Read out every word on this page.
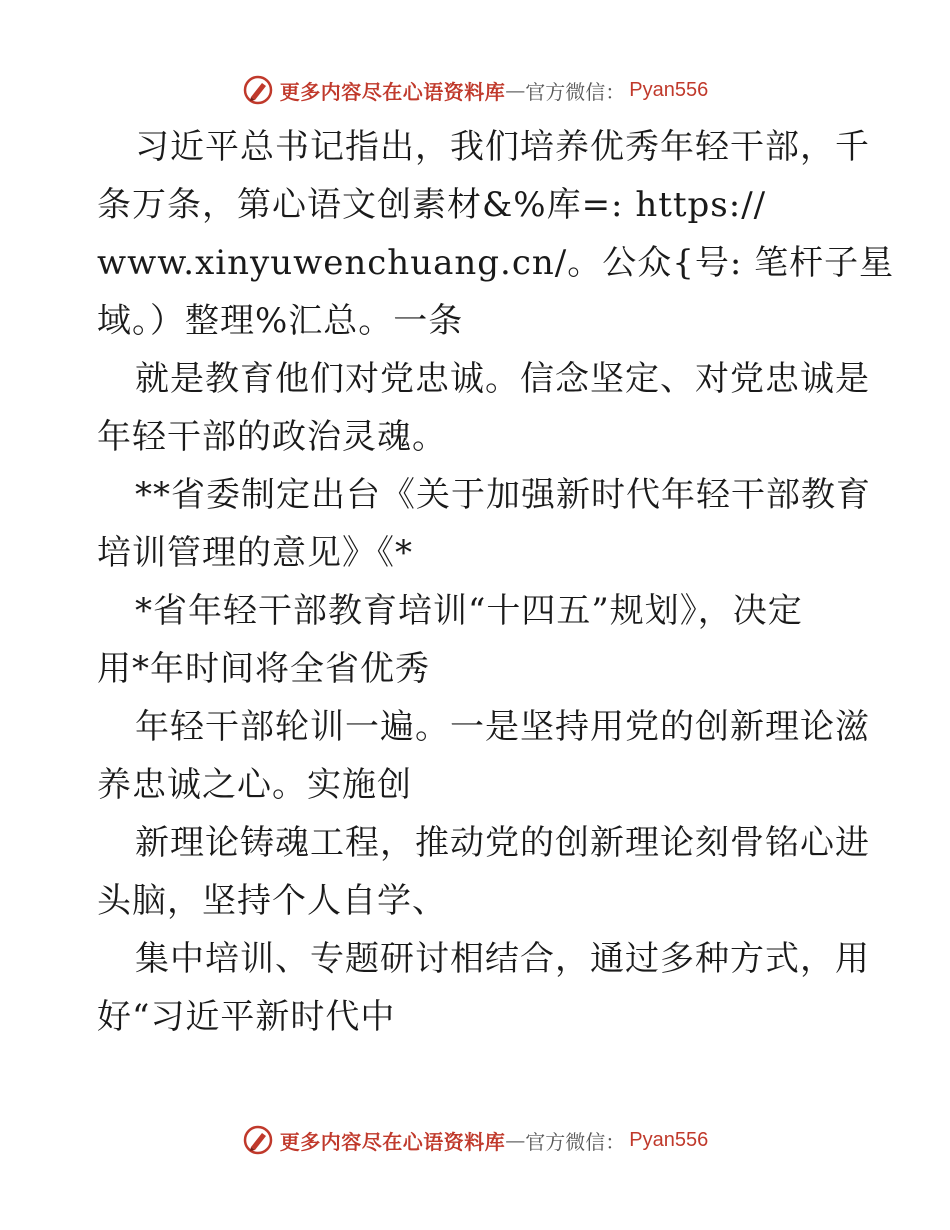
更多内容尽在心语资料库 — 官方微信： Pyan556
习近平总书记指出，我们培养优秀年轻干部，千
条万条，第心语文创素材&%库=: https://
www.xinyuwenchuang.cn/。公众{号: 笔杆子星
域。）整理%汇总。一条
就是教育他们对党忠诚。信念坚定、对党忠诚是
年轻干部的政治灵魂。
**省委制定出台《关于加强新时代年轻干部教育
培训管理的意见》《*
*省年轻干部教育培训“十四五”规划》，决定
用*年时间将全省优秀
年轻干部轮训一遍。一是坚持用党的创新理论滋
养忠诚之心。实施创
新理论铸魂工程，推动党的创新理论刻骨铭心进
头脑，坚持个人自学、
集中培训、专题研讨相结合，通过多种方式，用
好“习近平新时代中
更多内容尽在心语资料库 — 官方微信： Pyan556
